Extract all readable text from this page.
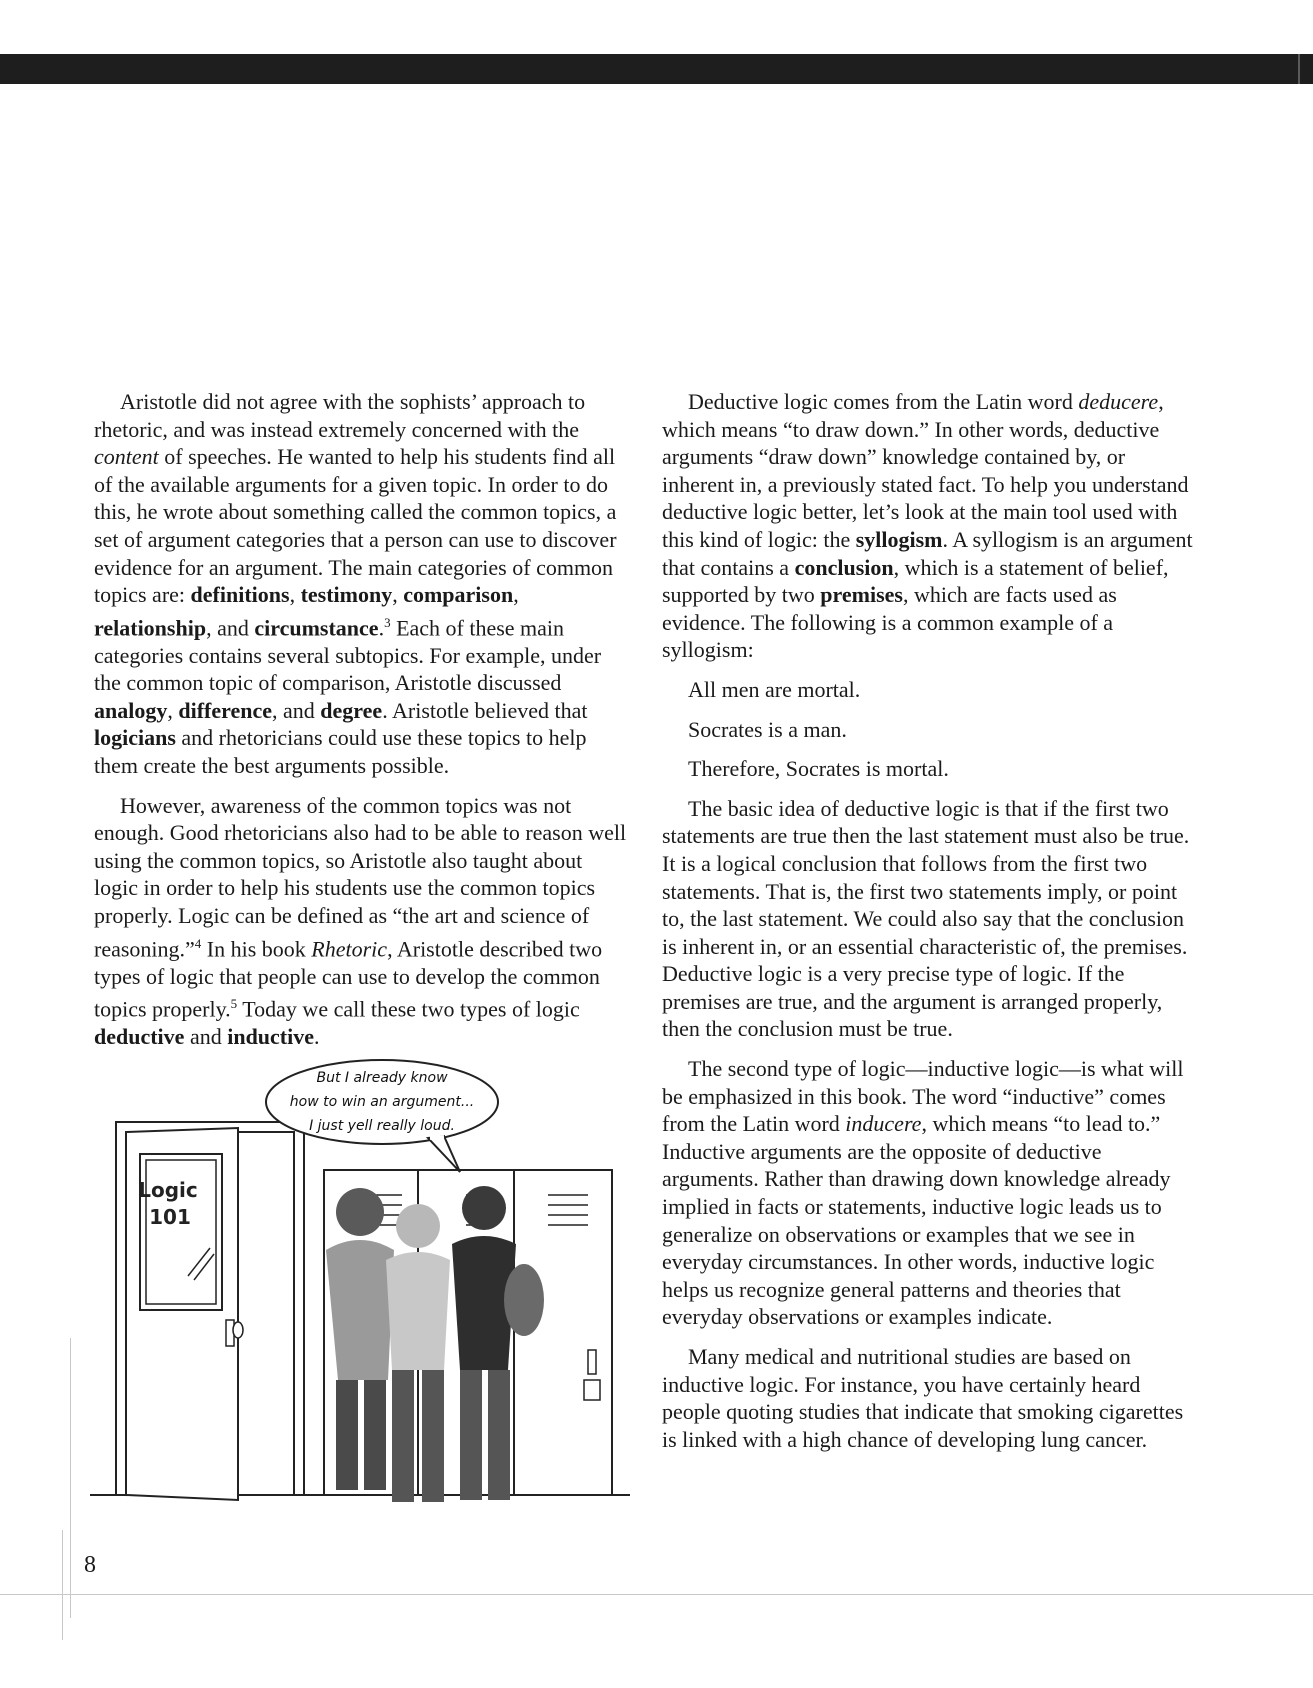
Aristotle did not agree with the sophists’ approach to rhetoric, and was instead extremely concerned with the content of speeches. He wanted to help his students find all of the available arguments for a given topic. In order to do this, he wrote about something called the common topics, a set of argument categories that a person can use to discover evidence for an argument. The main categories of common topics are: definitions, testimony, comparison, relationship, and circumstance.$^3$ Each of these main categories contains several subtopics. For example, under the common topic of comparison, Aristotle discussed analogy, difference, and degree. Aristotle believed that logicians and rhetoricians could use these topics to help them create the best arguments possible.

However, awareness of the common topics was not enough. Good rhetoricians also had to be able to reason well using the common topics, so Aristotle also taught about logic in order to help his students use the common topics properly. Logic can be defined as “the art and science of reasoning.”$^4$ In his book Rhetoric, Aristotle described two types of logic that people can use to develop the common topics properly.$^5$ Today we call these two types of logic deductive and inductive.

Deductive logic comes from the Latin word deducere, which means “to draw down.” In other words, deductive arguments “draw down” knowledge contained by, or inherent in, a previously stated fact. To help you understand deductive logic better, let’s look at the main tool used with this kind of logic: the syllogism. A syllogism is an argument that contains a conclusion, which is a statement of belief, supported by two premises, which are facts used as evidence. The following is a common example of a syllogism:

All men are mortal.

Socrates is a man.

Therefore, Socrates is mortal.

The basic idea of deductive logic is that if the first two statements are true then the last statement must also be true. It is a logical conclusion that follows from the first two statements. That is, the first two statements imply, or point to, the last statement. We could also say that the conclusion is inherent in, or an essential characteristic of, the premises. Deductive logic is a very precise type of logic. If the premises are true, and the argument is arranged properly, then the conclusion must be true.

The second type of logic—inductive logic—is what will be emphasized in this book. The word “inductive” comes from the Latin word inducere, which means “to lead to.” Inductive arguments are the opposite of deductive arguments. Rather than drawing down knowledge already implied in facts or statements, inductive logic leads us to generalize on observations or examples that we see in everyday circumstances. In other words, inductive logic helps us recognize general patterns and theories that everyday observations or examples indicate.

Many medical and nutritional studies are based on inductive logic. For instance, you have certainly heard people quoting studies that indicate that smoking cigarettes is linked with a high chance of developing lung cancer.

Logic
101
But I already know
how to win an argument...
I just yell really loud.
8
